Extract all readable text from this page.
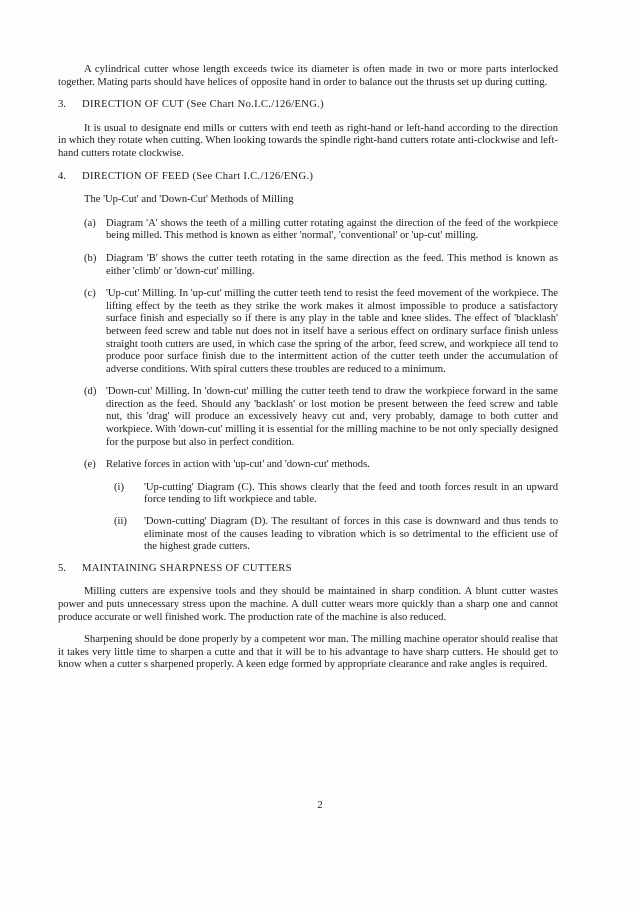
A cylindrical cutter whose length exceeds twice its diameter is often made in two or more parts interlocked together. Mating parts should have helices of opposite hand in order to balance out the thrusts set up during cutting.

3.	DIRECTION OF CUT (See Chart No.I.C./126/ENG.)

It is usual to designate end mills or cutters with end teeth as right-hand or left-hand according to the direction in which they rotate when cutting. When looking towards the spindle right-hand cutters rotate anti-clockwise and left-hand cutters rotate clockwise.

4.	DIRECTION OF FEED (See Chart I.C./126/ENG.)
The 'Up-Cut' and 'Down-Cut' Methods of Milling
(a) Diagram 'A' shows the teeth of a milling cutter rotating against the direction of the feed of the workpiece being milled. This method is known as either 'normal', 'conventional' or 'up-cut' milling.
(b) Diagram 'B' shows the cutter teeth rotating in the same direction as the feed. This method is known as either 'climb' or 'down-cut' milling.
(c) 'Up-cut' Milling. In 'up-cut' milling the cutter teeth tend to resist the feed movement of the workpiece. The lifting effect by the teeth as they strike the work makes it almost impossible to produce a satisfactory surface finish and especially so if there is any play in the table and knee slides. The effect of 'blacklash' between feed screw and table nut does not in itself have a serious effect on ordinary surface finish unless straight tooth cutters are used, in which case the spring of the arbor, feed screw, and workpiece all tend to produce poor surface finish due to the intermittent action of the cutter teeth under the accumulation of adverse conditions. With spiral cutters these troubles are reduced to a minimum.
(d) 'Down-cut' Milling. In 'down-cut' milling the cutter teeth tend to draw the workpiece forward in the same direction as the feed. Should any 'backlash' or lost motion be present between the feed screw and table nut, this 'drag' will produce an excessively heavy cut and, very probably, damage to both cutter and workpiece. With 'down-cut' milling it is essential for the milling machine to be not only specially designed for the purpose but also in perfect condition.
(e) Relative forces in action with 'up-cut' and 'down-cut' methods.
(i)	'Up-cutting' Diagram (C). This shows clearly that the feed and tooth forces result in an upward force tending to lift workpiece and table.
(ii)	'Down-cutting' Diagram (D). The resultant of forces in this case is downward and thus tends to eliminate most of the causes leading to vibration which is so detrimental to the efficient use of the highest grade cutters.
5.	MAINTAINING SHARPNESS OF CUTTERS

Milling cutters are expensive tools and they should be maintained in sharp condition. A blunt cutter wastes power and puts unnecessary stress upon the machine. A dull cutter wears more quickly than a sharp one and cannot produce accurate or well finished work. The production rate of the machine is also reduced.

Sharpening should be done properly by a competent wor man. The milling machine operator should realise that it takes very little time to sharpen a cutte and that it will be to his advantage to have sharp cutters. He should get to know when a cutter s sharpened properly. A keen edge formed by appropriate clearance and rake angles is required.

2
